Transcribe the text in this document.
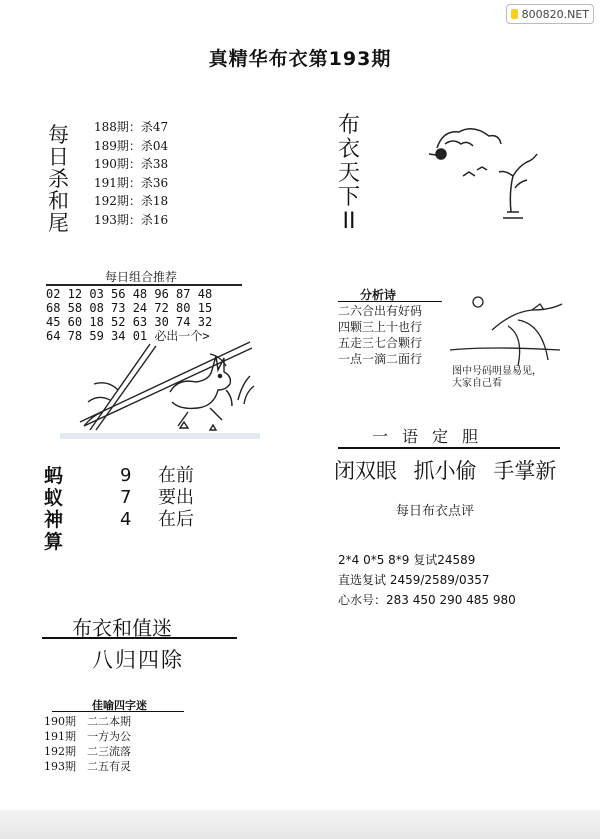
800820.NET
真精华布衣第193期
每
日
杀
和
尾
188期：杀47
189期：杀04
190期：杀38
191期：杀36
192期：杀18
193期：杀16
每日组合推荐
02 12 03 56 48 96 87 48
68 58 08 73 24 72 80 15
45 60 18 52 63 30 74 32
64 78 59 34 01 必出一个>
蚂
蚁
神
算
9	在前
7	要出
4	在后
布衣和值迷
八归四除
佳喻四字迷
190期　二二本期
191期　一方为公
192期　二三流落
193期　二五有灵
布
衣
天
下
II
分析诗
二六合出有好码
四颗三上十也行
五走三七合颗行
一点一滴二面行
图中号码明显易见，
大家自己看
一语定胆
闭双眼 抓小偷 手掌新
每日布衣点评
2*4 0*5 8*9 复试24589
直选复试 2459/2589/0357
心水号：283 450 290 485 980
